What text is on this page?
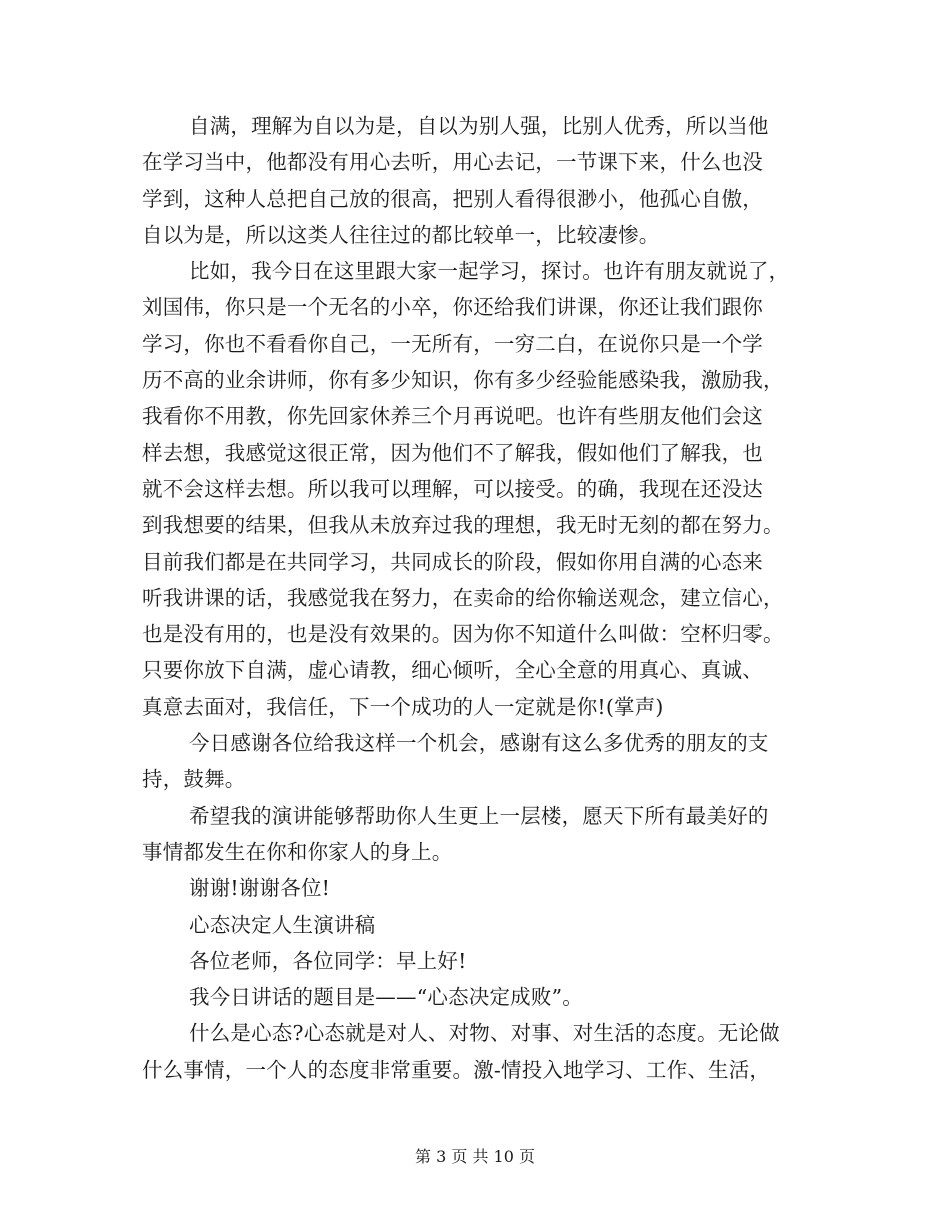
自满，理解为自以为是，自以为别人强，比别人优秀，所以当他
在学习当中，他都没有用心去听，用心去记，一节课下来，什么也没
学到，这种人总把自己放的很高，把别人看得很渺小，他孤心自傲，
自以为是，所以这类人往往过的都比较单一，比较凄惨。
比如，我今日在这里跟大家一起学习，探讨。也许有朋友就说了，
刘国伟，你只是一个无名的小卒，你还给我们讲课，你还让我们跟你
学习，你也不看看你自己，一无所有，一穷二白，在说你只是一个学
历不高的业余讲师，你有多少知识，你有多少经验能感染我，激励我，
我看你不用教，你先回家休养三个月再说吧。也许有些朋友他们会这
样去想，我感觉这很正常，因为他们不了解我，假如他们了解我，也
就不会这样去想。所以我可以理解，可以接受。的确，我现在还没达
到我想要的结果，但我从未放弃过我的理想，我无时无刻的都在努力。
目前我们都是在共同学习，共同成长的阶段，假如你用自满的心态来
听我讲课的话，我感觉我在努力，在卖命的给你输送观念，建立信心，
也是没有用的，也是没有效果的。因为你不知道什么叫做：空杯归零。
只要你放下自满，虚心请教，细心倾听，全心全意的用真心、真诚、
真意去面对，我信任，下一个成功的人一定就是你!(掌声)
今日感谢各位给我这样一个机会，感谢有这么多优秀的朋友的支
持，鼓舞。
希望我的演讲能够帮助你人生更上一层楼，愿天下所有最美好的
事情都发生在你和你家人的身上。
谢谢!谢谢各位!
心态决定人生演讲稿
各位老师，各位同学：早上好!
我今日讲话的题目是——“心态决定成败”。
什么是心态?心态就是对人、对物、对事、对生活的态度。无论做
什么事情，一个人的态度非常重要。激-情投入地学习、工作、生活，
第 3 页 共 10 页
